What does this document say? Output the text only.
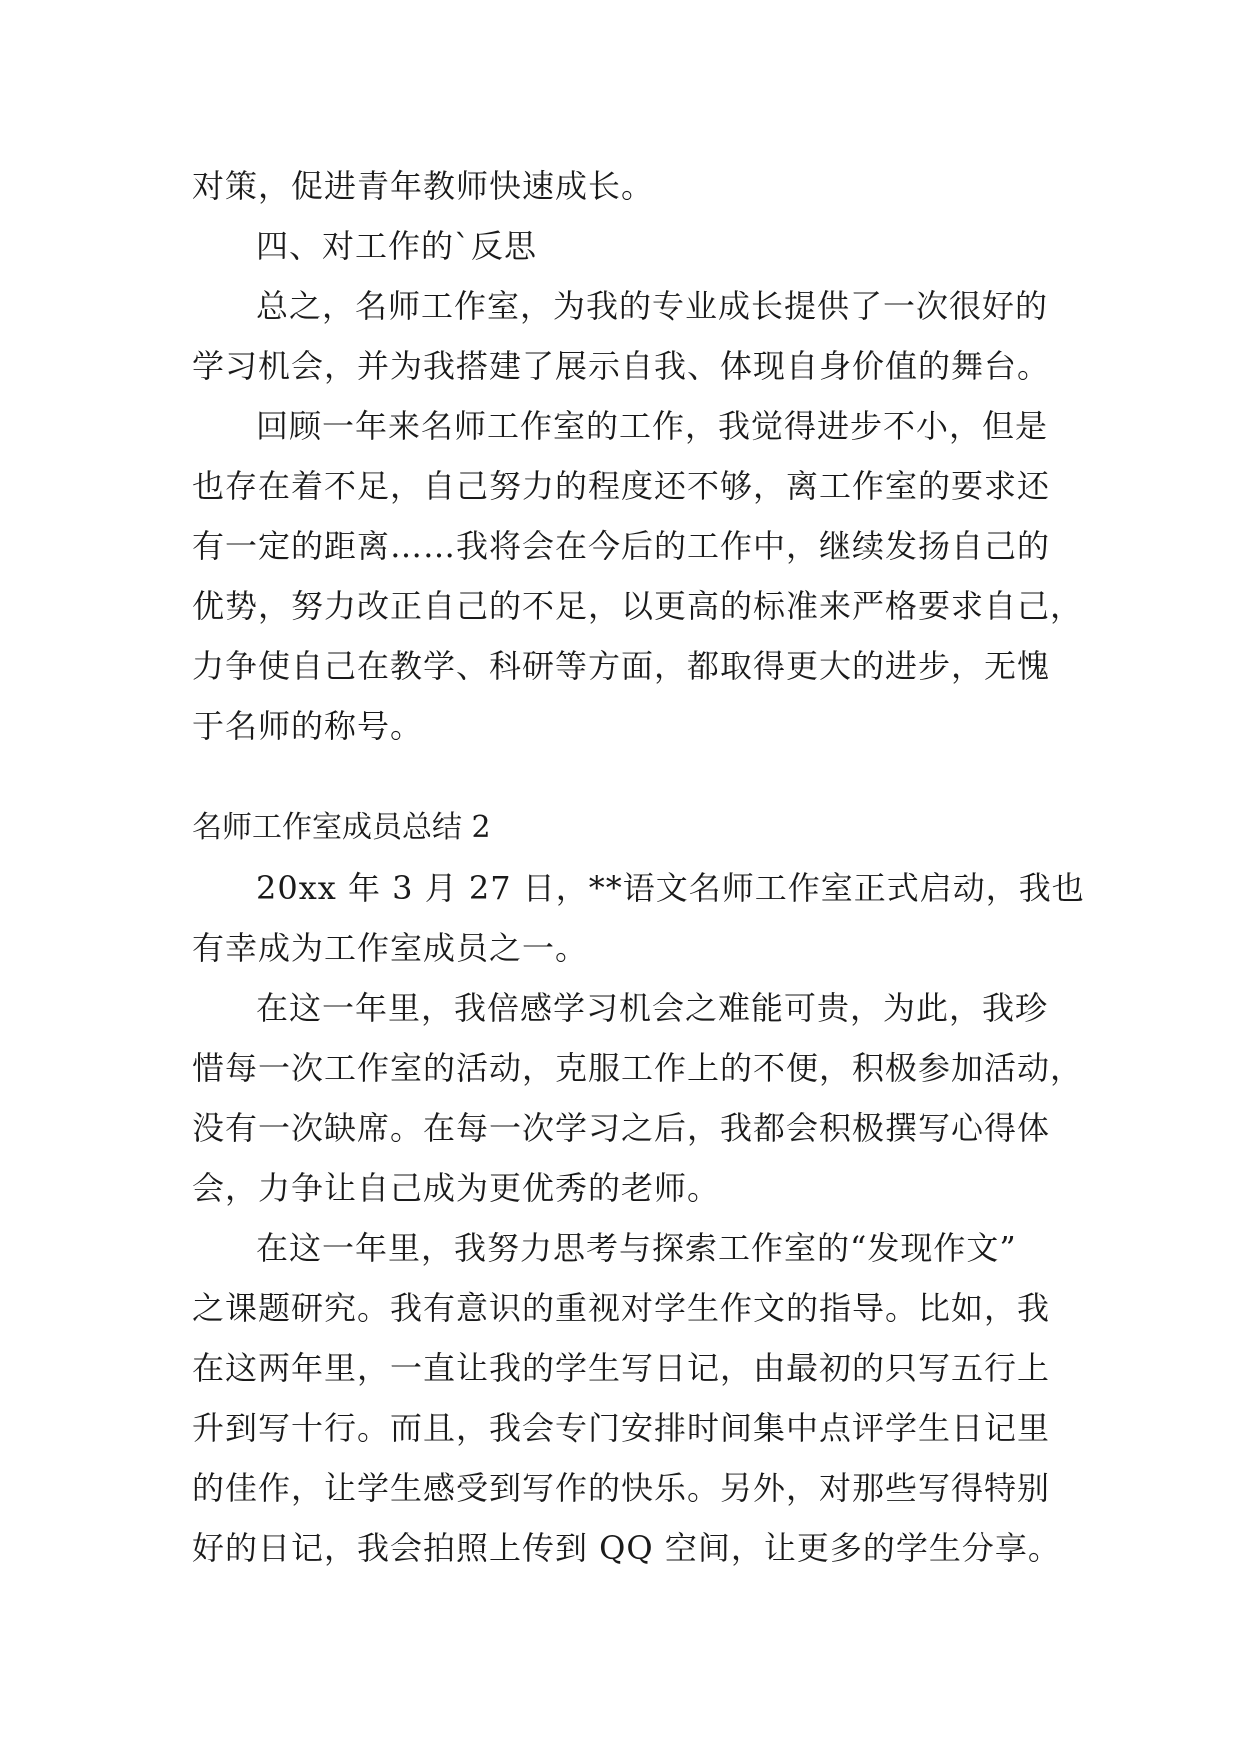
对策，促进青年教师快速成长。
四、对工作的`反思
总之，名师工作室，为我的专业成长提供了一次很好的
学习机会，并为我搭建了展示自我、体现自身价值的舞台。
回顾一年来名师工作室的工作，我觉得进步不小，但是
也存在着不足，自己努力的程度还不够，离工作室的要求还
有一定的距离……我将会在今后的工作中，继续发扬自己的
优势，努力改正自己的不足，以更高的标准来严格要求自己，
力争使自己在教学、科研等方面，都取得更大的进步，无愧
于名师的称号。
名师工作室成员总结 2
20xx 年 3 月 27 日，**语文名师工作室正式启动，我也
有幸成为工作室成员之一。
在这一年里，我倍感学习机会之难能可贵，为此，我珍
惜每一次工作室的活动，克服工作上的不便，积极参加活动，
没有一次缺席。在每一次学习之后，我都会积极撰写心得体
会，力争让自己成为更优秀的老师。
在这一年里，我努力思考与探索工作室的“发现作文”
之课题研究。我有意识的重视对学生作文的指导。比如，我
在这两年里，一直让我的学生写日记，由最初的只写五行上
升到写十行。而且，我会专门安排时间集中点评学生日记里
的佳作，让学生感受到写作的快乐。另外，对那些写得特别
好的日记，我会拍照上传到 QQ 空间，让更多的学生分享。
